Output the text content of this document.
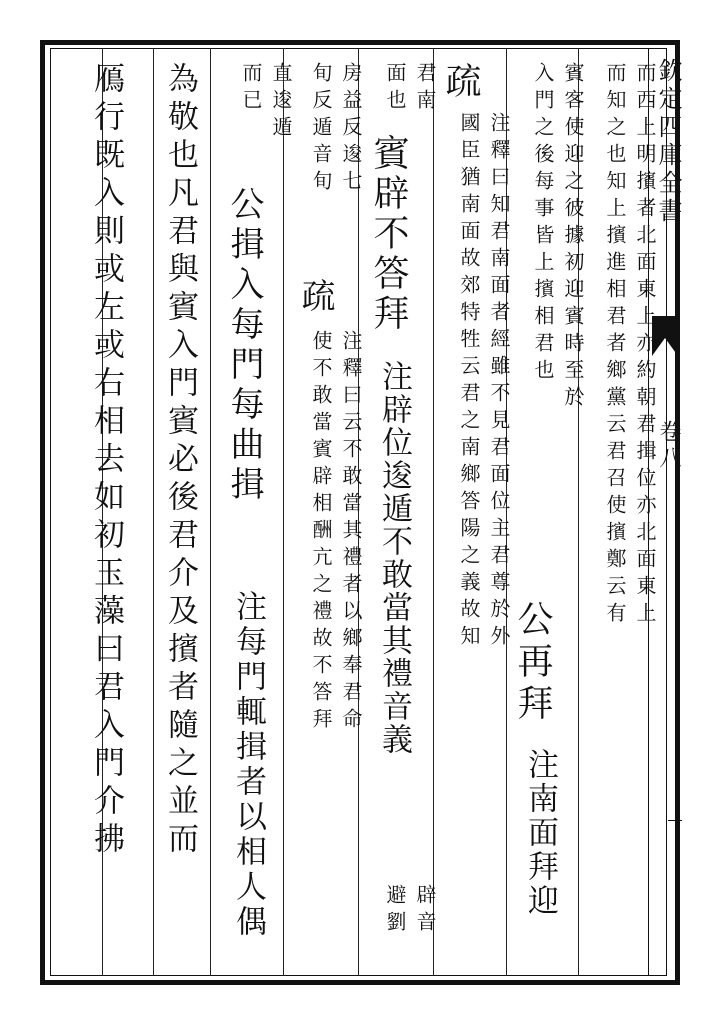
欽定四庫全書
卷八
而西上明擯者北面東上亦約朝君揖位亦北面東上
而知之也知上擯進相君者鄉黨云君召使擯鄭云有
賓客使迎之彼據初迎賓時至於
入門之後每事皆上擯相君也
公再拜
注南面拜迎
疏
注釋曰知君南面者經雖不見君面位主君尊於外
國臣猶南面故郊特牲云君之南鄉答陽之義故知
君南
面也
賓辟不答拜
注辟位逡遁不敢當其禮音義
辟音
避劉
房益反逡七
旬反遁音旬
疏
注釋曰云不敢當其禮者以鄉奉君命
使不敢當賓辟相酬亢之禮故不答拜
直逡遁
而已
公揖入每門每曲揖
注每門輒揖者以相人偶
為敬也凡君與賓入門賓必後君介及擯者隨之並而
鴈行既入則或左或右相去如初玉藻曰君入門介拂
